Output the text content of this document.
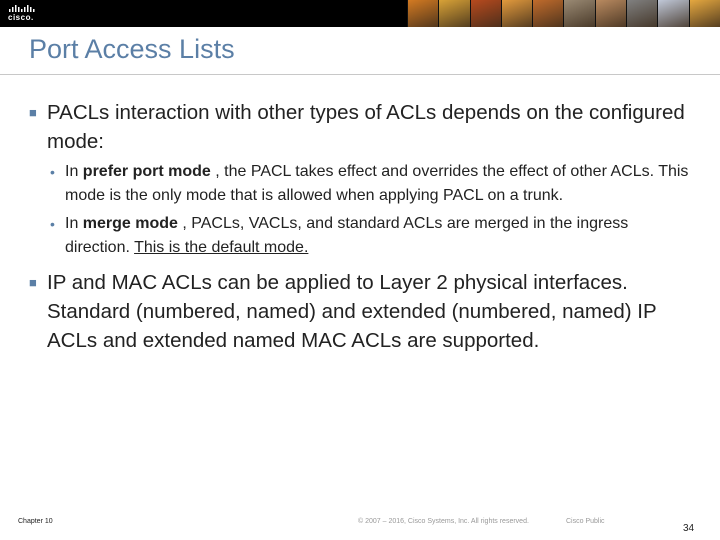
cisco.
Port Access Lists
■ PACLs interaction with other types of ACLs depends on the configured mode:
• In prefer port mode , the PACL takes effect and overrides the effect of other ACLs. This mode is the only mode that is allowed when applying PACL on a trunk.
• In merge mode , PACLs, VACLs, and standard ACLs are merged in the ingress direction. This is the default mode.
■ IP and MAC ACLs can be applied to Layer 2 physical interfaces. Standard (numbered, named) and extended (numbered, named) IP ACLs and extended named MAC ACLs are supported.
Chapter 10	© 2007 – 2016, Cisco Systems, Inc. All rights reserved.	Cisco Public
34
